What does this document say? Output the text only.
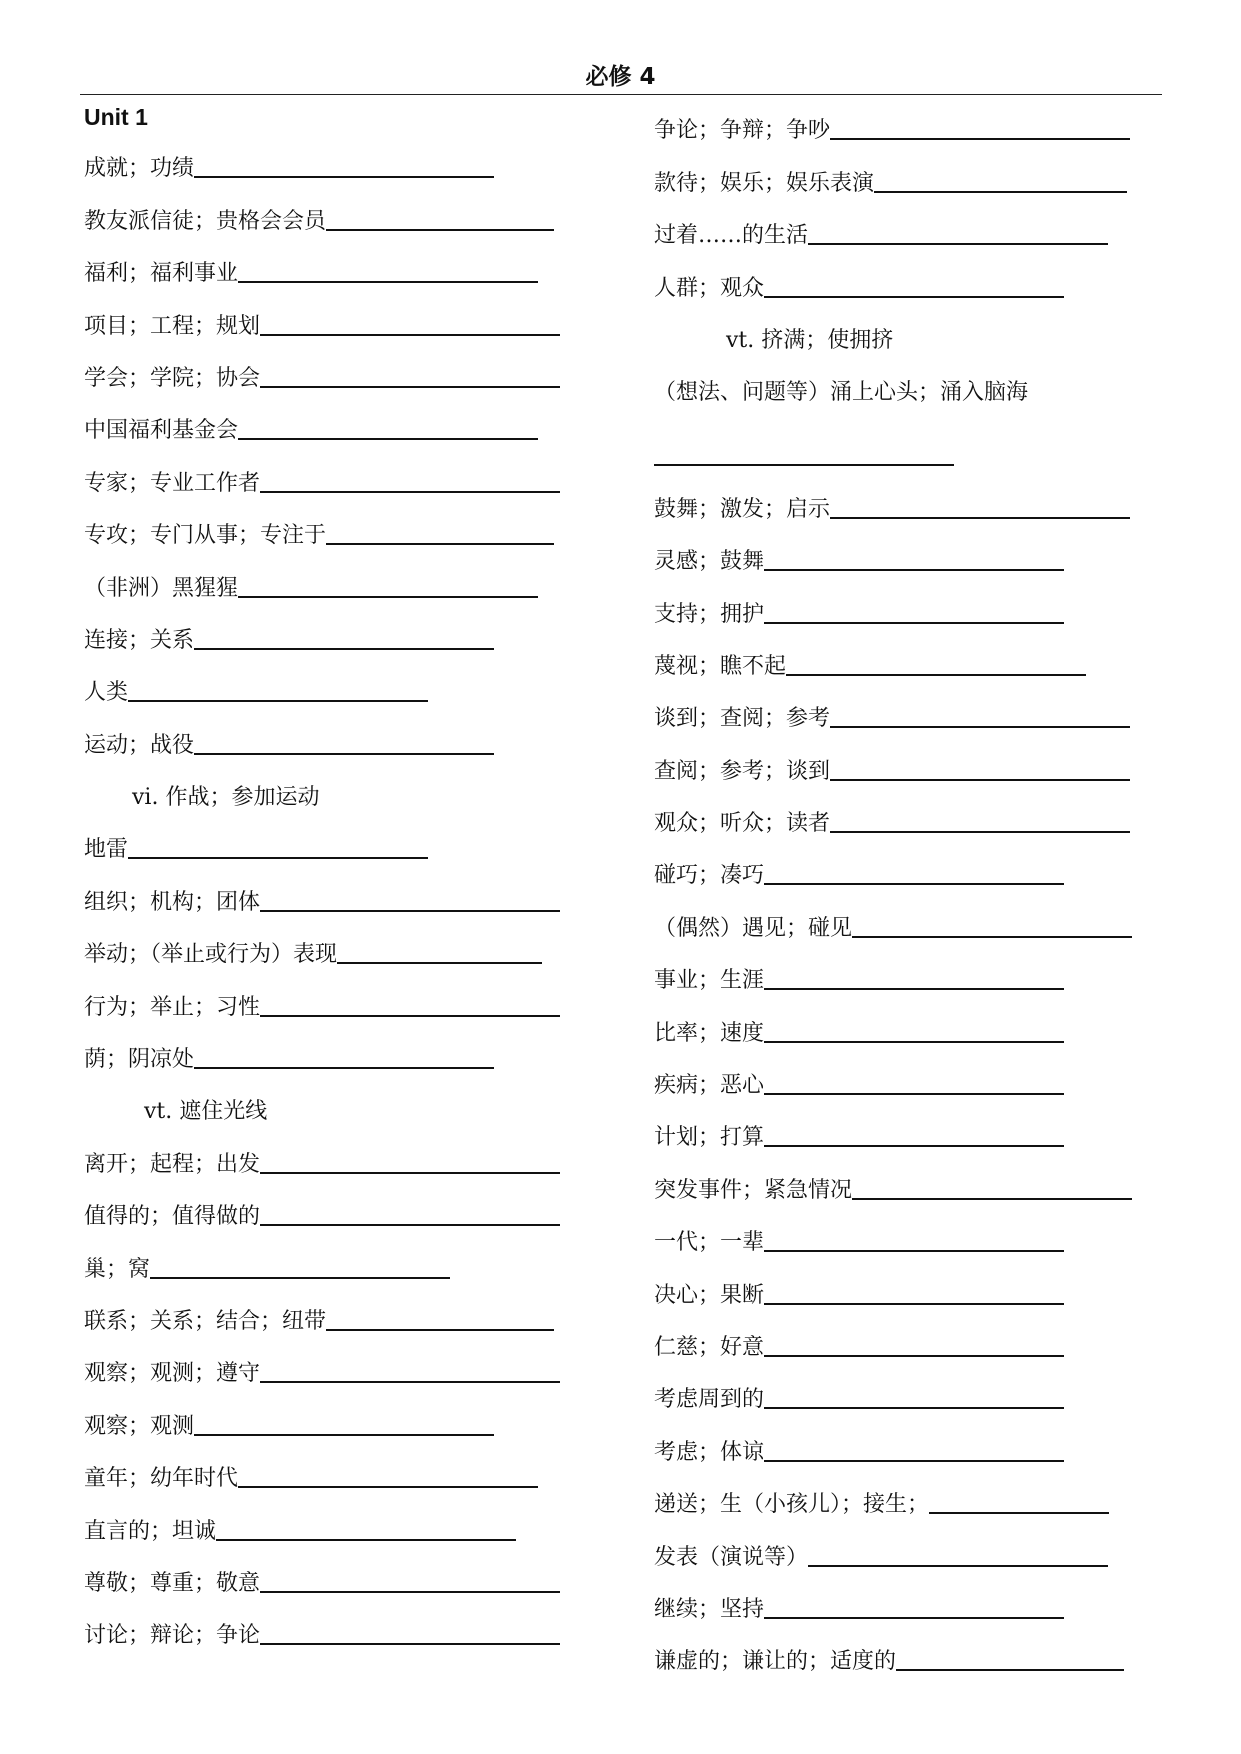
必修 4
Unit 1
成就；功绩
教友派信徒；贵格会会员
福利；福利事业
项目；工程；规划
学会；学院；协会
中国福利基金会
专家；专业工作者
专攻；专门从事；专注于
（非洲）黑猩猩
连接；关系
人类
运动；战役
vi. 作战；参加运动
地雷
组织；机构；团体
举动；（举止或行为）表现
行为；举止；习性
荫；阴凉处
vt. 遮住光线
离开；起程；出发
值得的；值得做的
巢；窝
联系；关系；结合；纽带
观察；观测；遵守
观察；观测
童年；幼年时代
直言的；坦诚
尊敬；尊重；敬意
讨论；辩论；争论
争论；争辩；争吵
款待；娱乐；娱乐表演
过着……的生活
人群；观众
vt. 挤满；使拥挤
（想法、问题等）涌上心头；涌入脑海
鼓舞；激发；启示
灵感；鼓舞
支持；拥护
蔑视；瞧不起
谈到；查阅；参考
查阅；参考；谈到
观众；听众；读者
碰巧；凑巧
（偶然）遇见；碰见
事业；生涯
比率；速度
疾病；恶心
计划；打算
突发事件；紧急情况
一代；一辈
决心；果断
仁慈；好意
考虑周到的
考虑；体谅
递送；生（小孩儿）；接生；
发表（演说等）
继续；坚持
谦虚的；谦让的；适度的
